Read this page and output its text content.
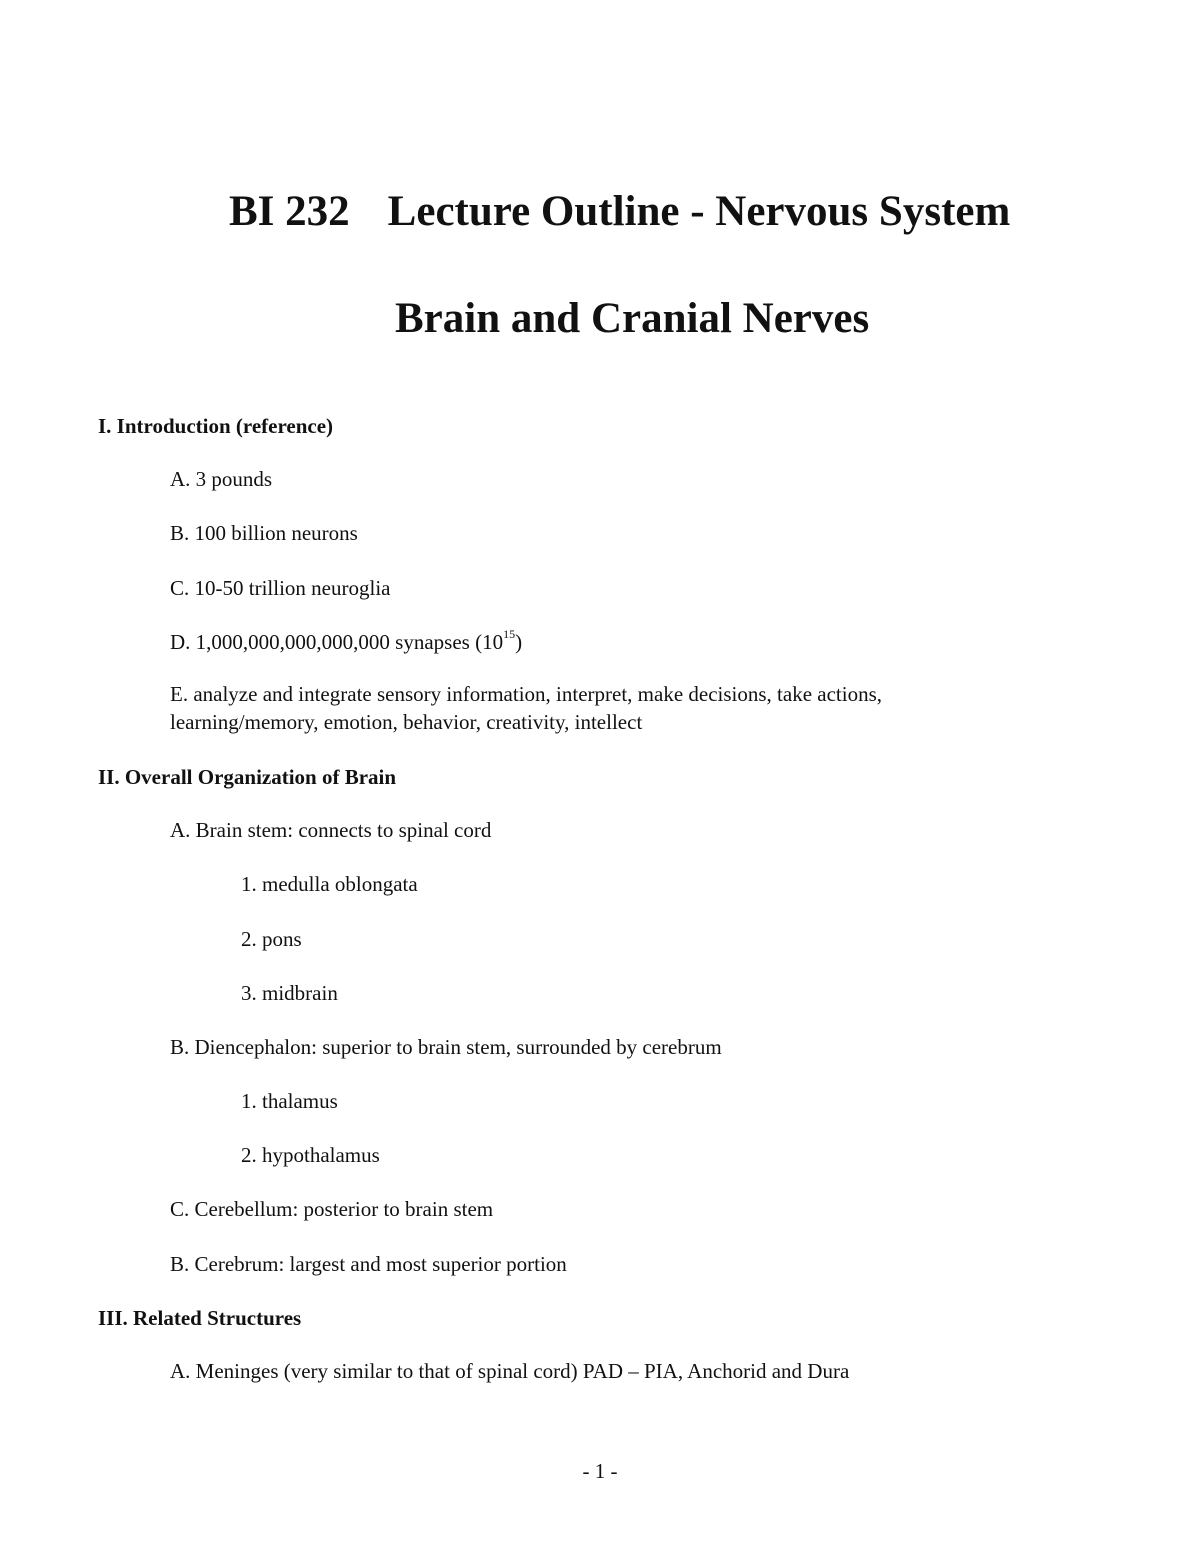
BI 232 Lecture Outline - Nervous System
Brain and Cranial Nerves
I. Introduction (reference)
A. 3 pounds
B. 100 billion neurons
C. 10-50 trillion neuroglia
D. 1,000,000,000,000,000 synapses $(10^{15})$
E. analyze and integrate sensory information, interpret, make decisions, take actions,
learning/memory, emotion, behavior, creativity, intellect
II. Overall Organization of Brain
A. Brain stem: connects to spinal cord
1. medulla oblongata
2. pons
3. midbrain
B. Diencephalon: superior to brain stem, surrounded by cerebrum
1. thalamus
2. hypothalamus
C. Cerebellum: posterior to brain stem
B. Cerebrum: largest and most superior portion
III. Related Structures
A. Meninges (very similar to that of spinal cord) PAD – PIA, Anchorid and Dura
- 1 -
